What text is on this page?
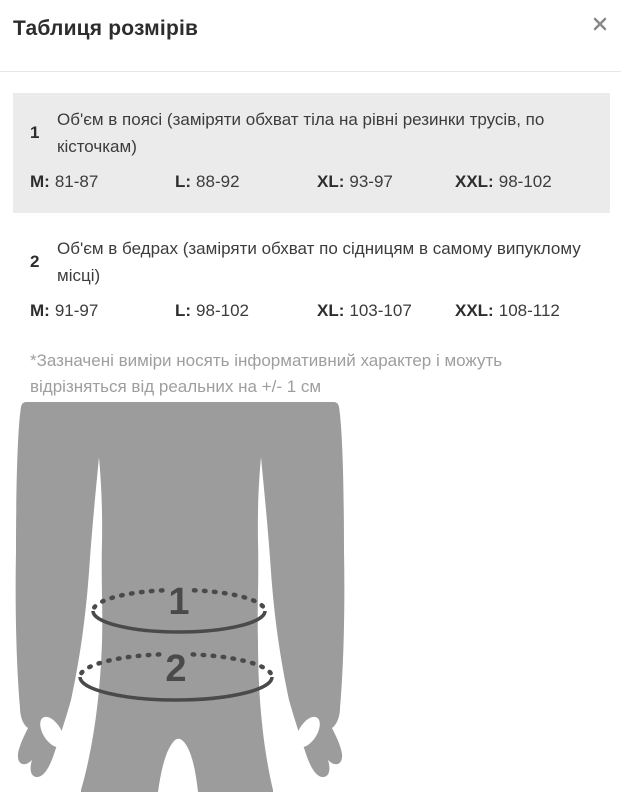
Таблиця розмірів
1
Об'єм в поясі (заміряти обхват тіла на рівні резинки трусів, по кісточкам)
M: 81-87	L: 88-92	XL: 93-97	XXL: 98-102
2
Об'єм в бедрах (заміряти обхват по сідницям в самому випуклому місці)
M: 91-97	L: 98-102	XL: 103-107	XXL: 108-112
*Зазначені виміри носять інформативний характер і можуть відрізняться від реальних на +/- 1 см
1
2
